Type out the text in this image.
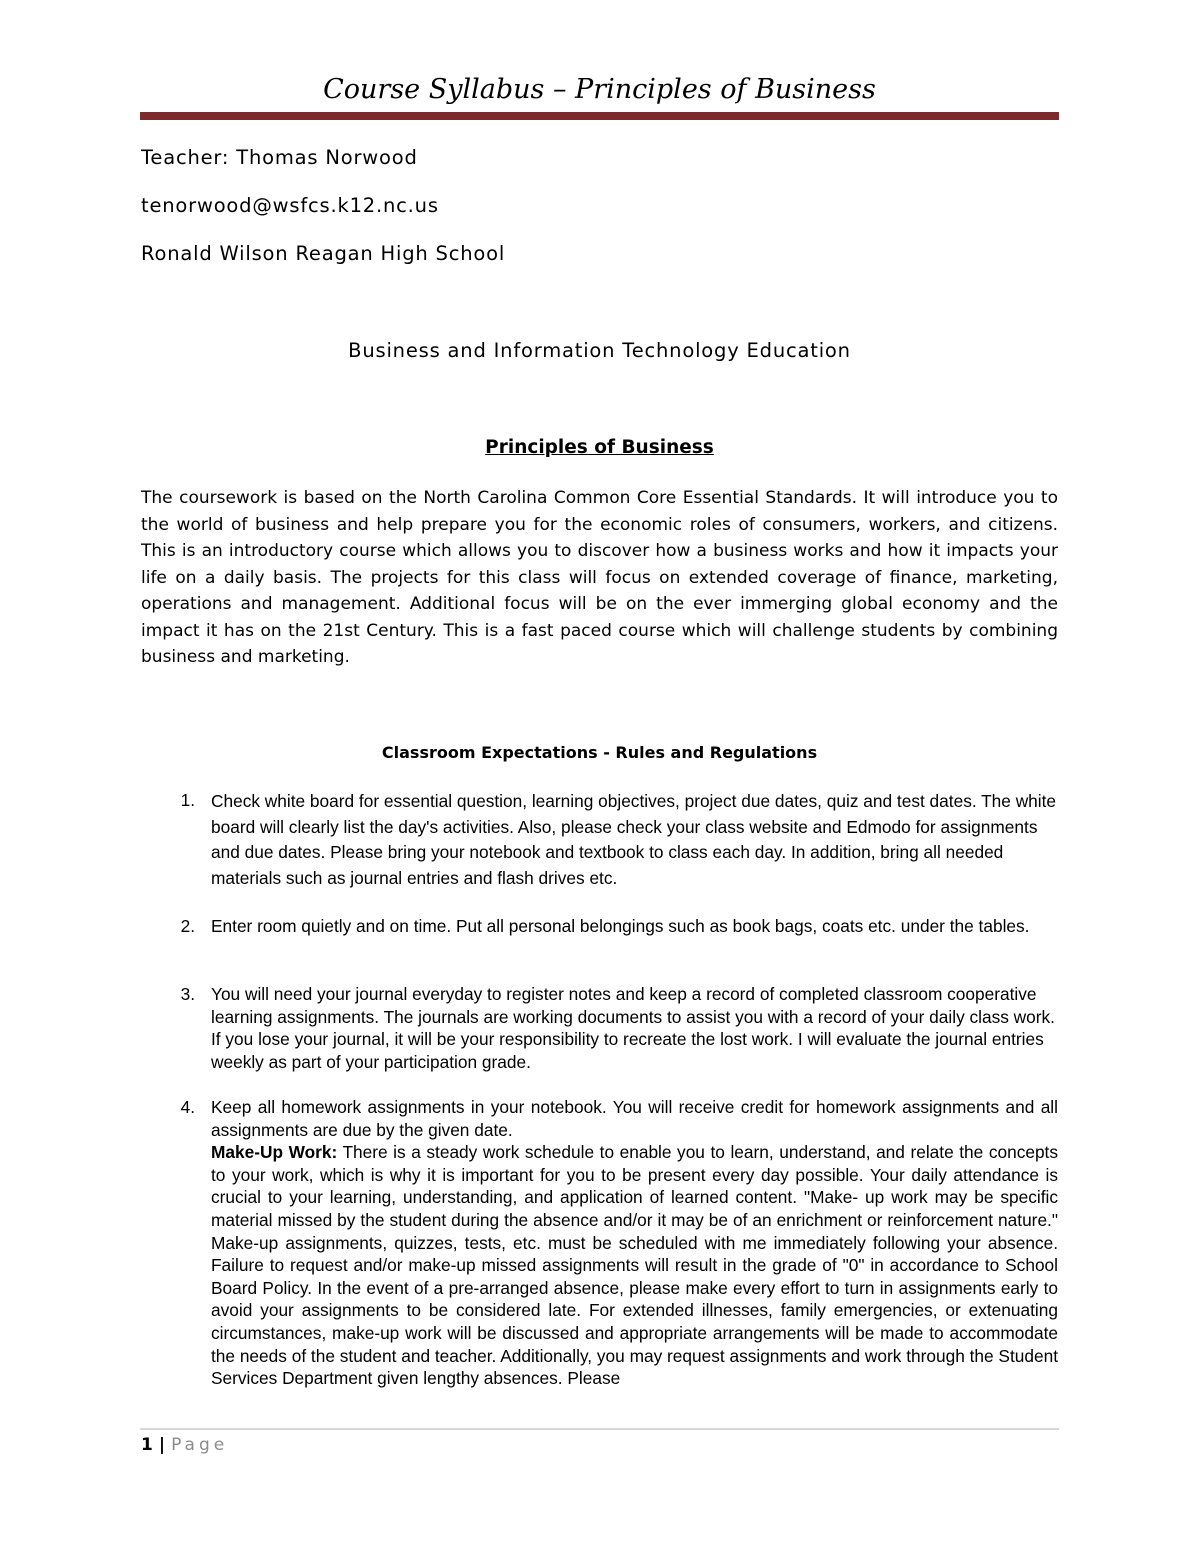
Course Syllabus – Principles of Business
Teacher: Thomas Norwood
tenorwood@wsfcs.k12.nc.us
Ronald Wilson Reagan High School
Business and Information Technology Education
Principles of Business
The coursework is based on the North Carolina Common Core Essential Standards. It will introduce you to the world of business and help prepare you for the economic roles of consumers, workers, and citizens. This is an introductory course which allows you to discover how a business works and how it impacts your life on a daily basis. The projects for this class will focus on extended coverage of finance, marketing, operations and management. Additional focus will be on the ever immerging global economy and the impact it has on the 21st Century. This is a fast paced course which will challenge students by combining business and marketing.
Classroom Expectations - Rules and Regulations
1. Check white board for essential question, learning objectives, project due dates, quiz and test dates. The white board will clearly list the day's activities. Also, please check your class website and Edmodo for assignments and due dates. Please bring your notebook and textbook to class each day. In addition, bring all needed materials such as journal entries and flash drives etc.
2. Enter room quietly and on time. Put all personal belongings such as book bags, coats etc. under the tables.
3. You will need your journal everyday to register notes and keep a record of completed classroom cooperative learning assignments. The journals are working documents to assist you with a record of your daily class work. If you lose your journal, it will be your responsibility to recreate the lost work. I will evaluate the journal entries weekly as part of your participation grade.
4. Keep all homework assignments in your notebook. You will receive credit for homework assignments and all assignments are due by the given date.
Make-Up Work: There is a steady work schedule to enable you to learn, understand, and relate the concepts to your work, which is why it is important for you to be present every day possible. Your daily attendance is crucial to your learning, understanding, and application of learned content. "Make- up work may be specific material missed by the student during the absence and/or it may be of an enrichment or reinforcement nature." Make-up assignments, quizzes, tests, etc. must be scheduled with me immediately following your absence. Failure to request and/or make-up missed assignments will result in the grade of "0" in accordance to School Board Policy. In the event of a pre-arranged absence, please make every effort to turn in assignments early to avoid your assignments to be considered late. For extended illnesses, family emergencies, or extenuating circumstances, make-up work will be discussed and appropriate arrangements will be made to accommodate the needs of the student and teacher. Additionally, you may request assignments and work through the Student Services Department given lengthy absences. Please
1 | Page
